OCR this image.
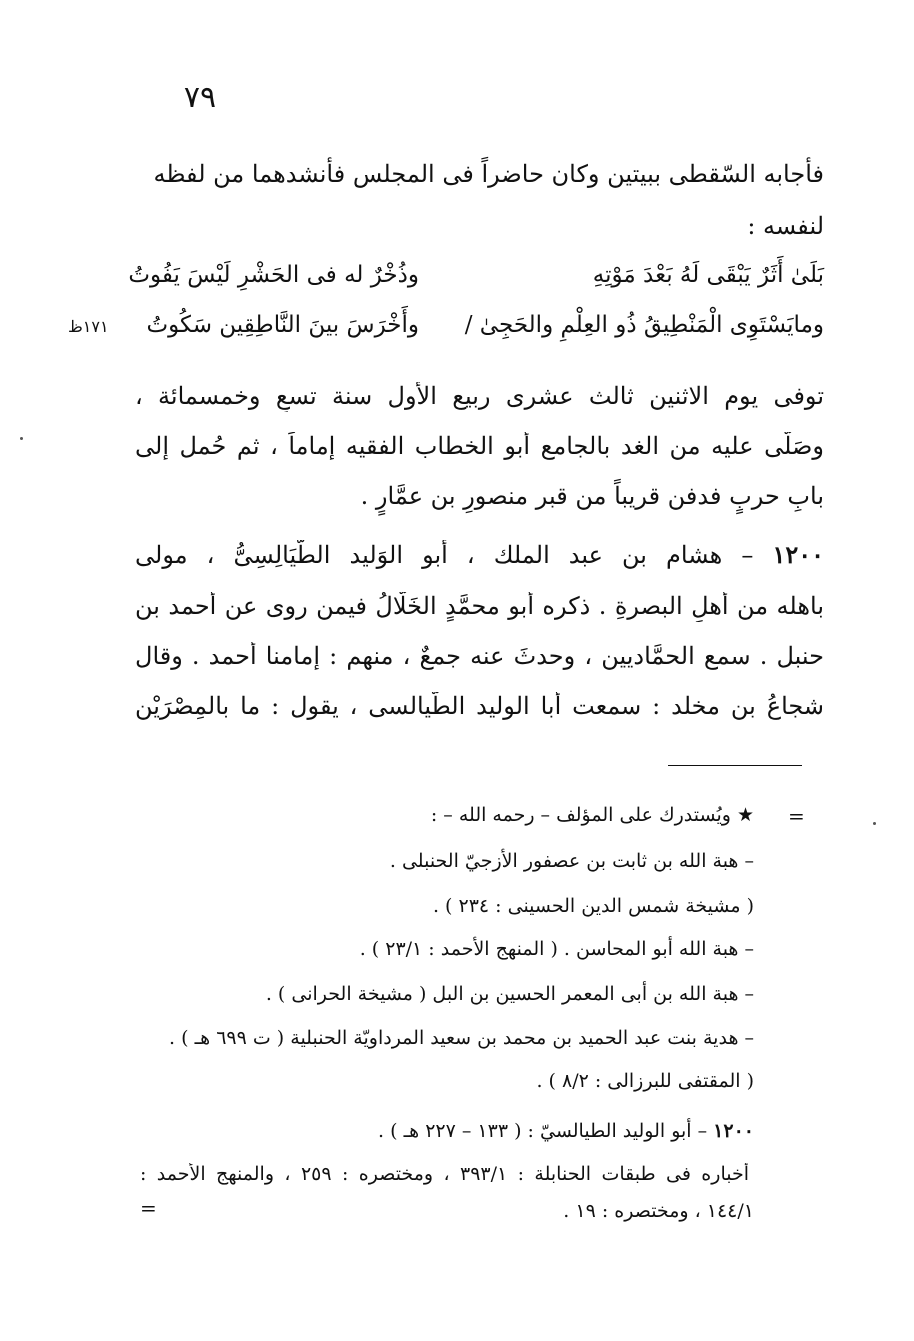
٧٩
فأجابه السّقطى ببيتين وكان حاضراً فى المجلس فأنشدهما من لفظه
لنفسه :
بَلَىٰ أَثَرٌ يَبْقَى لَهُ بَعْدَ مَوْتِهِ
وذُخْرٌ له فى الحَشْرِ لَيْسَ يَفُوتُ
ومايَسْتَوِى الْمَنْطِيقُ ذُو العِلْمِ والحَجِىٰ /
وأَخْرَسَ بينَ النَّاطِقِين سَكُوتُ
١٧١ظ
توفى يوم الاثنين ثالث عشرى ربيع الأول سنة تسعٍ وخمسمائة ،
وصَلَّى عليه من الغد بالجامع أبو الخطاب الفقيه إماماً ، ثم حُمل إلى
بابِ حربٍ فدفن قريباً من قبر منصورِ بن عمَّارٍ .
١٢٠٠ – هشام بن عبد الملك ، أبو الوَليد الطَّيَالِسِىُّ ، مولى
باهله من أهلِ البصرةِ . ذكره أبو محمَّدٍ الخَلَّالُ فيمن روى عن أحمد بن
حنبل . سمع الحمَّاديين ، وحدثَ عنه جمعٌ ، منهم : إمامنا أحمد . وقال
شجاعُ بن مخلد : سمعت أبا الوليد الطَّيالسى ، يقول : ما بالمِصْرَيْن
=
★ ويُستدرك على المؤلف – رحمه الله – :
– هبة الله بن ثابت بن عصفور الأزجيّ الحنبلى .
( مشيخة شمس الدين الحسينى : ٢٣٤ ) .
– هبة الله أبو المحاسن . ( المنهج الأحمد : ٢٣/١ ) .
– هبة الله بن أبى المعمر الحسين بن البل ( مشيخة الحرانى ) .
– هدية بنت عبد الحميد بن محمد بن سعيد المرداويّة الحنبلية ( ت ٦٩٩ هـ ) .
( المقتفى للبرزالى : ٨/٢ ) .
١٢٠٠ – أبو الوليد الطيالسيّ : ( ١٣٣ – ٢٢٧ هـ ) .
أخباره فى طبقات الحنابلة : ٣٩٣/١ ، ومختصره : ٢٥٩ ، والمنهج الأحمد :
١٤٤/١ ، ومختصره : ١٩ .
=
